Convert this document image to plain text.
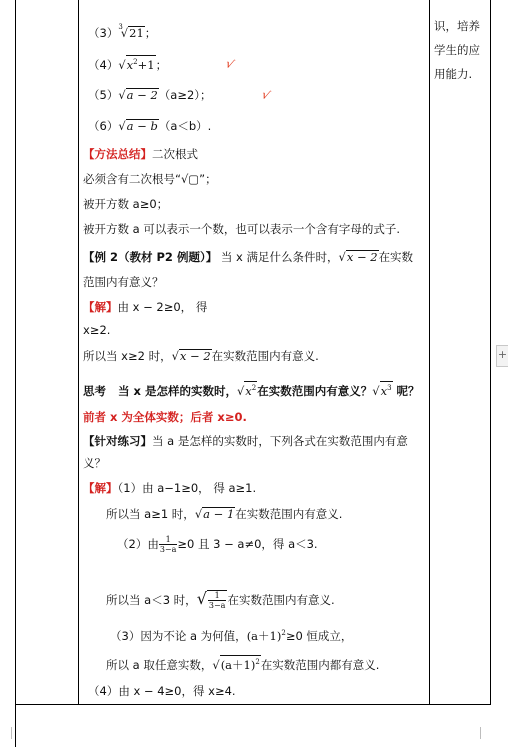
识，培养
学生的应
用能力.
$(3)^3√21$；
$(4)√x^2+1$；	√
（5）√a − 2（a≥2）；	√
（6）√a − b（a＜b）.
【方法总结】二次根式
必须含有二次根号“√▢”；
被开方数 a≥0；
被开方数 a 可以表示一个数，也可以表示一个含有字母的式子.
【例 2（教材 P2 例题）】 当 x 满足什么条件时，√x − 2在实数
范围内有意义？
【解】由 x − 2≥0， 得
x≥2.
所以当 x≥2 时，√x − 2在实数范围内有意义.
思考 当 x 是怎样的实数时，$√x^2$在实数范围内有意义？$√x^3$ 呢？
前者 x 为全体实数；后者 x≥0.
【针对练习】当 a 是怎样的实数时，下列各式在实数范围内有意
义？
【解】（1）由 a−1≥0， 得 a≥1.
所以当 a≥1 时，√a − 1在实数范围内有意义.
（2）由 $\frac{1}{3-a} \ge 0$ 且 3 − a≠0，得 a＜3.
所以当 a＜3 时，√ $\frac{1}{3-a}$ 在实数范围内有意义.
（3）因为不论 a 为何值，$(a+1)^2\ge 0$ 恒成立，
所以 a 取任意实数，$√(a+1)^2$在实数范围内都有意义.
（4）由 x − 4≥0，得 x≥4.
+
